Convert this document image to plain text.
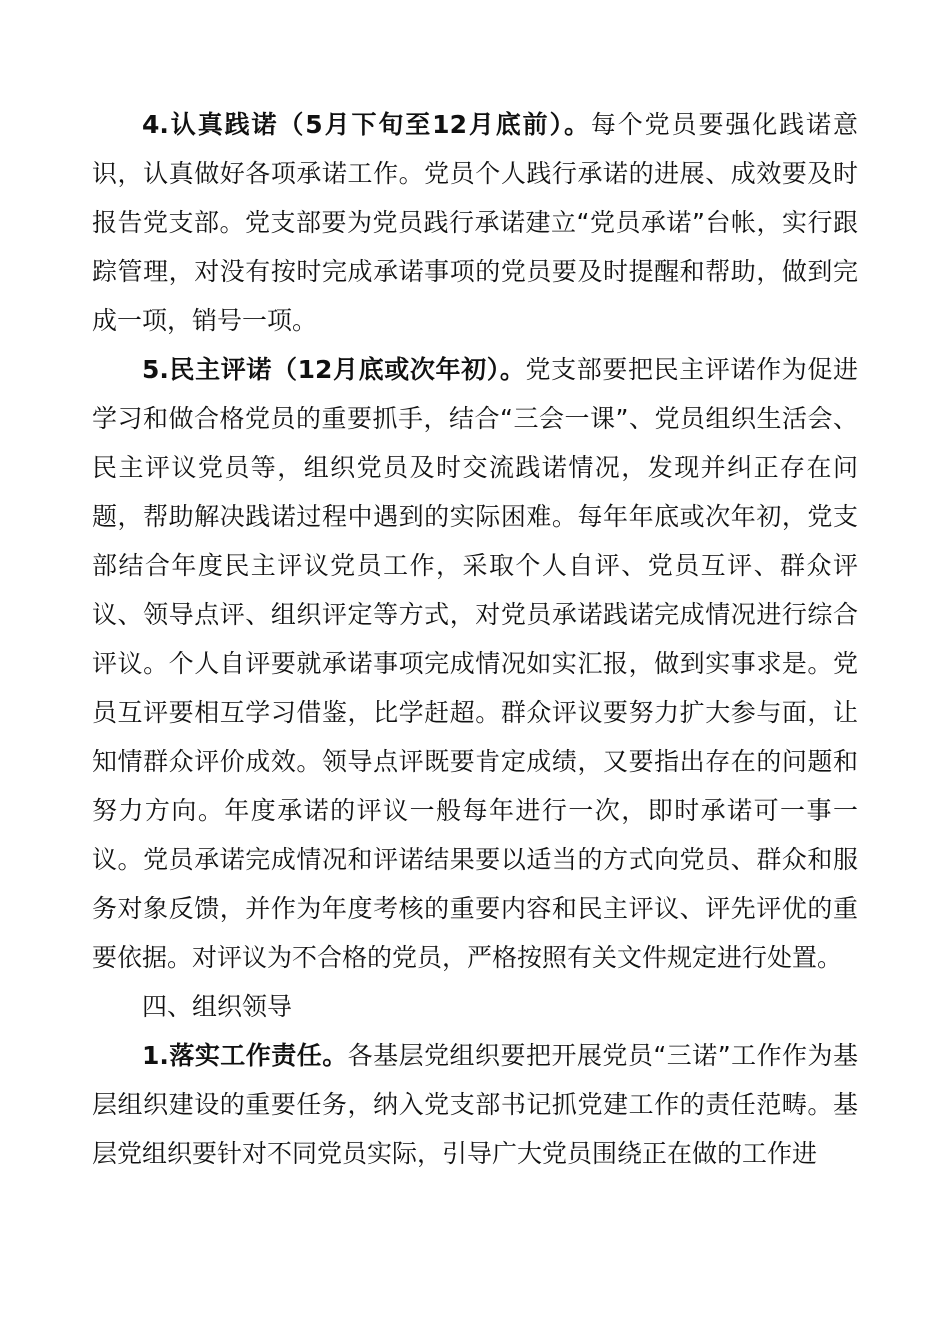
4.认真践诺（5月下旬至12月底前）。每个党员要强化践诺意识，认真做好各项承诺工作。党员个人践行承诺的进展、成效要及时报告党支部。党支部要为党员践行承诺建立“党员承诺”台帐，实行跟踪管理，对没有按时完成承诺事项的党员要及时提醒和帮助，做到完成一项，销号一项。

5.民主评诺（12月底或次年初）。党支部要把民主评诺作为促进学习和做合格党员的重要抓手，结合“三会一课”、党员组织生活会、民主评议党员等，组织党员及时交流践诺情况，发现并纠正存在问题，帮助解决践诺过程中遇到的实际困难。每年年底或次年初，党支部结合年度民主评议党员工作，采取个人自评、党员互评、群众评议、领导点评、组织评定等方式，对党员承诺践诺完成情况进行综合评议。个人自评要就承诺事项完成情况如实汇报，做到实事求是。党员互评要相互学习借鉴，比学赶超。群众评议要努力扩大参与面，让知情群众评价成效。领导点评既要肯定成绩，又要指出存在的问题和努力方向。年度承诺的评议一般每年进行一次，即时承诺可一事一议。党员承诺完成情况和评诺结果要以适当的方式向党员、群众和服务对象反馈，并作为年度考核的重要内容和民主评议、评先评优的重要依据。对评议为不合格的党员，严格按照有关文件规定进行处置。

四、组织领导

1.落实工作责任。各基层党组织要把开展党员“三诺”工作作为基层组织建设的重要任务，纳入党支部书记抓党建工作的责任范畴。基层党组织要针对不同党员实际，引导广大党员围绕正在做的工作进
